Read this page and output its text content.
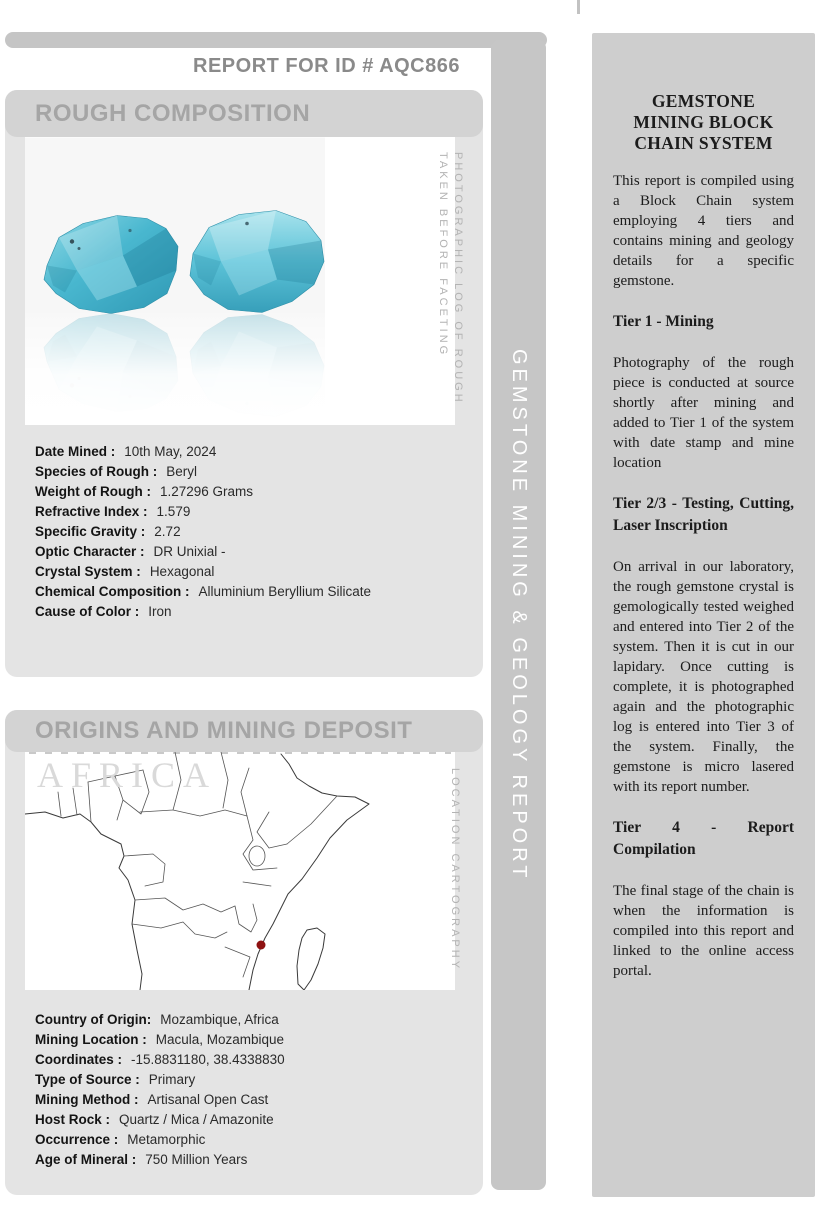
GEMSTONE MINING & GEOLOGY REPORT
REPORT FOR ID # AQC866
ROUGH COMPOSITION
PHOTOGRAPHIC LOG OF ROUGH
TAKEN BEFORE FACETING
Date Mined : 10th May, 2024
Species of Rough : Beryl
Weight of Rough : 1.27296 Grams
Refractive Index : 1.579
Specific Gravity : 2.72
Optic Character : DR Unixial -
Crystal System : Hexagonal
Chemical Composition : Alluminium Beryllium Silicate
Cause of Color : Iron
ORIGINS AND MINING DEPOSIT
AFRICA	LOCATION CARTOGRAPHY
Country of Origin: Mozambique, Africa
Mining Location : Macula, Mozambique
Coordinates : -15.8831180, 38.4338830
Type of Source : Primary
Mining Method : Artisanal Open Cast
Host Rock : Quartz / Mica / Amazonite
Occurrence : Metamorphic
Age of Mineral : 750 Million Years
GEMSTONE MINING BLOCK CHAIN SYSTEM

This report is compiled using a Block Chain system employing 4 tiers and contains mining and geology details for a specific gemstone.

Tier 1 - Mining

Photography of the rough piece is conducted at source shortly after mining and added to Tier 1 of the system with date stamp and mine location

Tier 2/3 - Testing, Cutting, Laser Inscription

On arrival in our laboratory, the rough gemstone crystal is gemologically tested weighed and entered into Tier 2 of the system. Then it is cut in our lapidary. Once cutting is complete, it is photographed again and the photographic log is entered into Tier 3 of the system. Finally, the gemstone is micro lasered with its report number.

Tier 4 - Report Compilation

The final stage of the chain is when the information is compiled into this report and linked to the online access portal.
